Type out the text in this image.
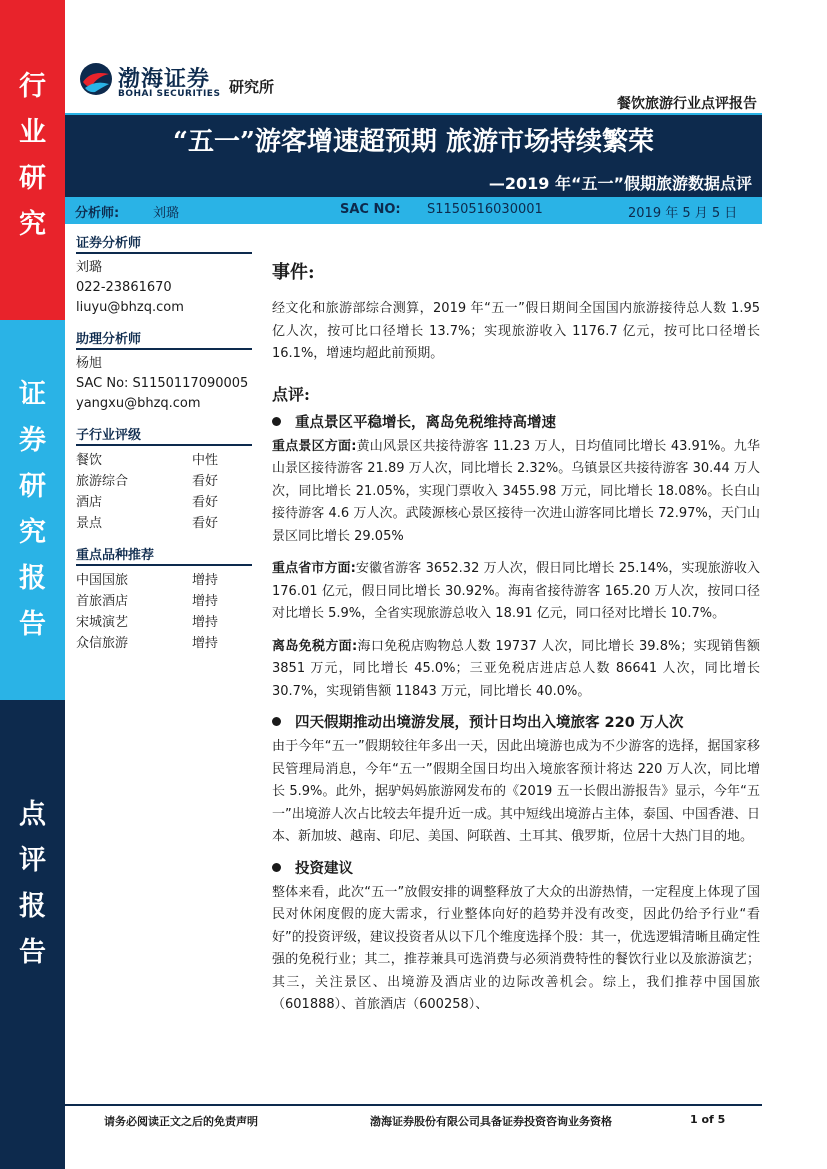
行
业
研
究
证
券
研
究
报
告
点
评
报
告
渤海证券
BOHAI SECURITIES 研究所
餐饮旅游行业点评报告
“五一”游客增速超预期 旅游市场持续繁荣
—2019 年“五一”假期旅游数据点评
分析师:	刘璐	SAC NO: S1150516030001	2019 年 5 月 5 日
证券分析师
刘璐
022-23861670
liuyu@bhzq.com
助理分析师
杨旭
SAC No: S1150117090005
yangxu@bhzq.com
子行业评级
餐饮	中性
旅游综合	看好
酒店	看好
景点	看好
重点品种推荐
中国国旅	增持
首旅酒店	增持
宋城演艺	增持
众信旅游	增持
事件:

经文化和旅游部综合测算，2019 年“五一”假日期间全国国内旅游接待总人数 1.95 亿人次，按可比口径增长 13.7%；实现旅游收入 1176.7 亿元，按可比口径增长 16.1%，增速均超此前预期。

点评:
重点景区平稳增长，离岛免税维持高增速

重点景区方面:黄山风景区共接待游客 11.23 万人，日均值同比增长 43.91%。九华山景区接待游客 21.89 万人次，同比增长 2.32%。乌镇景区共接待游客 30.44 万人次，同比增长 21.05%，实现门票收入 3455.98 万元，同比增长 18.08%。长白山接待游客 4.6 万人次。武陵源核心景区接待一次进山游客同比增长 72.97%，天门山景区同比增长 29.05%

重点省市方面:安徽省游客 3652.32 万人次，假日同比增长 25.14%，实现旅游收入 176.01 亿元，假日同比增长 30.92%。海南省接待游客 165.20 万人次，按同口径对比增长 5.9%，全省实现旅游总收入 18.91 亿元，同口径对比增长 10.7%。

离岛免税方面:海口免税店购物总人数 19737 人次，同比增长 39.8%；实现销售额 3851 万元，同比增长 45.0%；三亚免税店进店总人数 86641 人次，同比增长 30.7%，实现销售额 11843 万元，同比增长 40.0%。

四天假期推动出境游发展，预计日均出入境旅客 220 万人次

由于今年“五一”假期较往年多出一天，因此出境游也成为不少游客的选择，据国家移民管理局消息，今年“五一”假期全国日均出入境旅客预计将达 220 万人次，同比增长 5.9%。此外，据驴妈妈旅游网发布的《2019 五一长假出游报告》显示，今年“五一”出境游人次占比较去年提升近一成。其中短线出境游占主体，泰国、中国香港、日本、新加坡、越南、印尼、美国、阿联酋、土耳其、俄罗斯，位居十大热门目的地。

投资建议

整体来看，此次“五一”放假安排的调整释放了大众的出游热情，一定程度上体现了国民对休闲度假的庞大需求，行业整体向好的趋势并没有改变，因此仍给予行业“看好”的投资评级，建议投资者从以下几个维度选择个股：其一，优选逻辑清晰且确定性强的免税行业；其二，推荐兼具可选消费与必须消费特性的餐饮行业以及旅游演艺；其三，关注景区、出境游及酒店业的边际改善机会。综上，我们推荐中国国旅（601888）、首旅酒店（600258）、

请务必阅读正文之后的免责声明	渤海证券股份有限公司具备证券投资咨询业务资格	1 of 5
